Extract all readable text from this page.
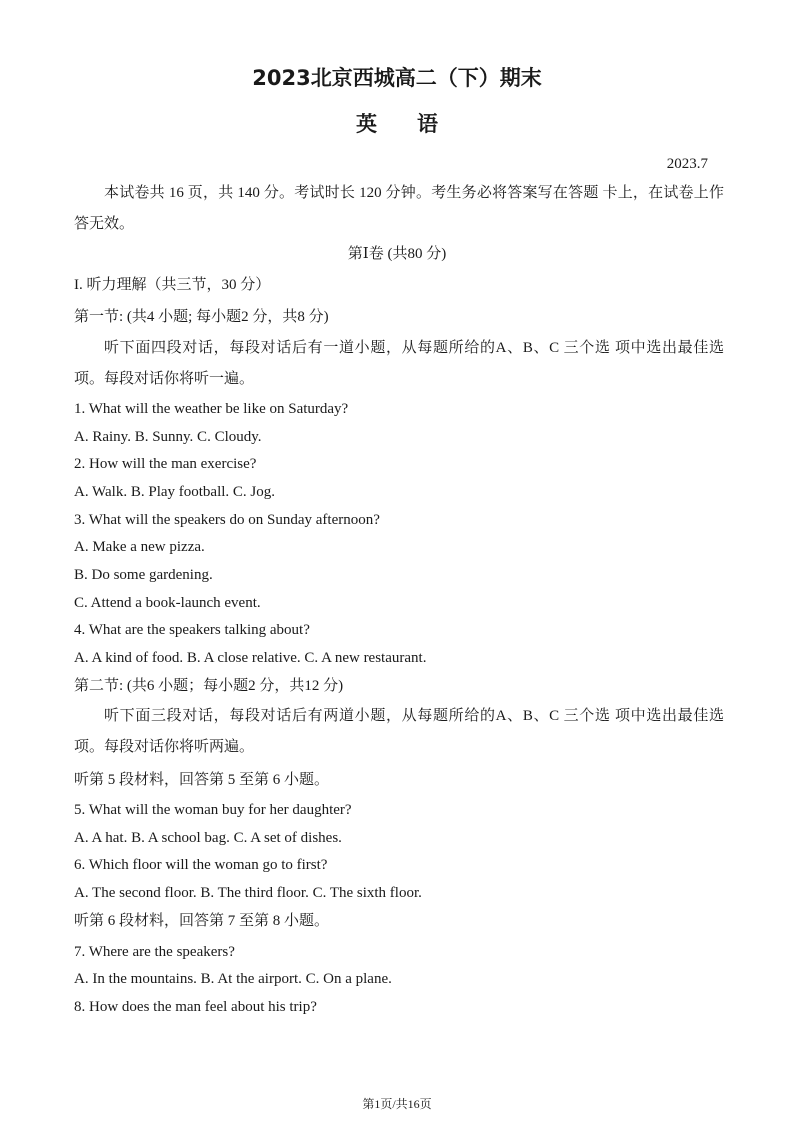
2023北京西城高二（下）期末
英语
2023.7
本试卷共 16 页，共 140 分。考试时长 120 分钟。考生务必将答案写在答题 卡上，在试卷上作答无效。
第Ⅰ卷 (共80 分)
I. 听力理解（共三节，30 分）
第一节: (共4 小题; 每小题2 分，共8 分)
听下面四段对话，每段对话后有一道小题，从每题所给的A、B、C 三个选 项中选出最佳选项。每段对话你将听一遍。
1. What will the weather be like on Saturday?
A. Rainy. B. Sunny. C. Cloudy.
2. How will the man exercise?
A. Walk. B. Play football. C. Jog.
3. What will the speakers do on Sunday afternoon?
A. Make a new pizza.
B. Do some gardening.
C. Attend a book-launch event.
4. What are the speakers talking about?
A. A kind of food. B. A close relative. C. A new restaurant.
第二节: (共6 小题；每小题2 分，共12 分)
听下面三段对话，每段对话后有两道小题，从每题所给的A、B、C 三个选 项中选出最佳选项。每段对话你将听两遍。
听第 5 段材料，回答第 5 至第 6 小题。
5. What will the woman buy for her daughter?
A. A hat. B. A school bag. C. A set of dishes.
6. Which floor will the woman go to first?
A. The second floor. B. The third floor. C. The sixth floor.
听第 6 段材料，回答第 7 至第 8 小题。
7. Where are the speakers?
A. In the mountains. B. At the airport. C. On a plane.
8. How does the man feel about his trip?
第1页/共16页
